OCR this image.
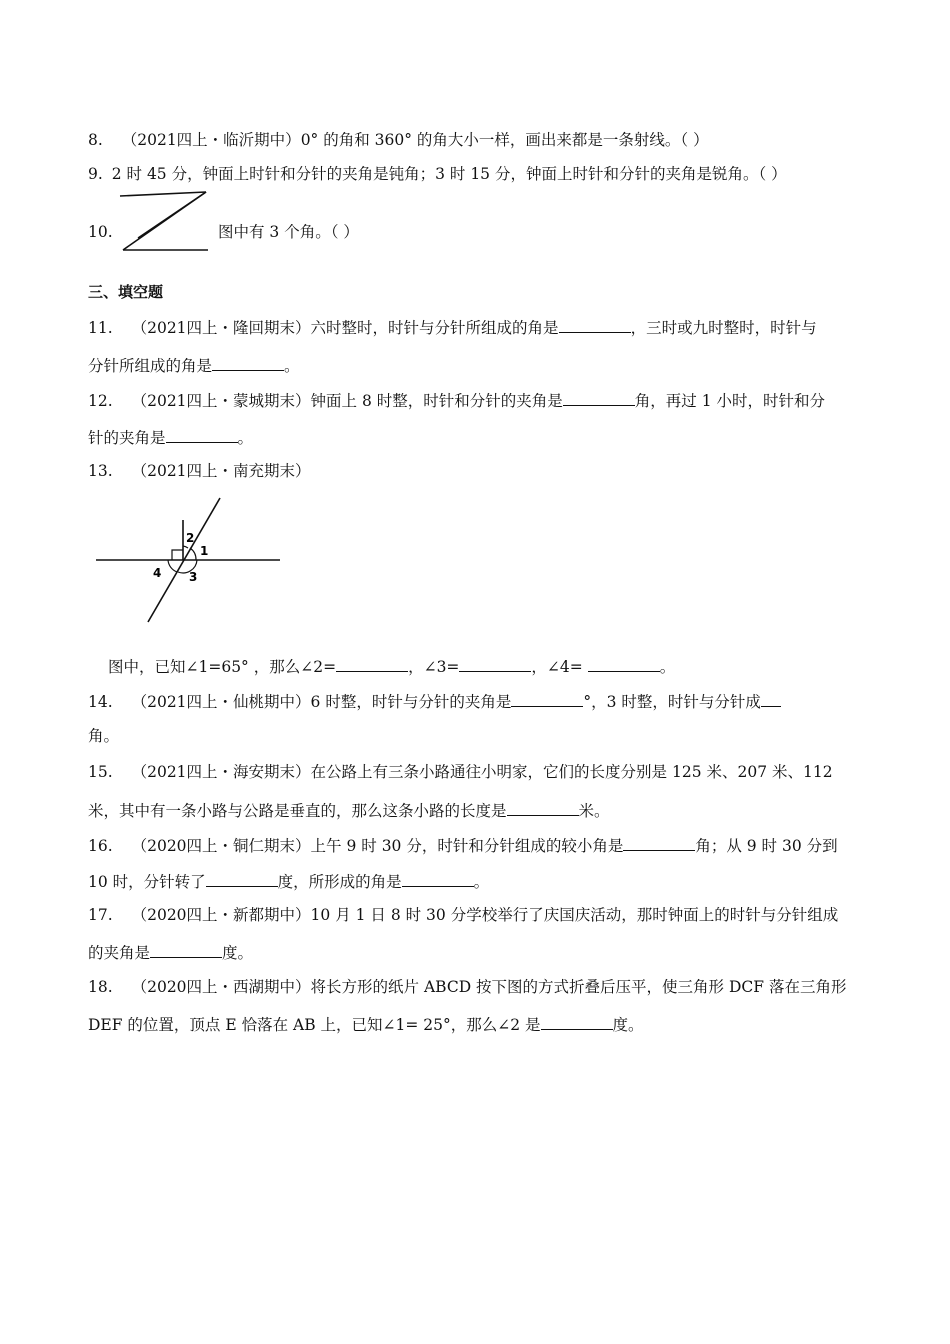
8. （2021四上・临沂期中）0° 的角和 360° 的角大小一样，画出来都是一条射线。（ ）
9. 2 时 45 分，钟面上时针和分针的夹角是钝角；3 时 15 分，钟面上时针和分针的夹角是锐角。（ ）
10.	图中有 3 个角。（ ）
三、填空题
11. （2021四上・隆回期末）六时整时，时针与分针所组成的角是	，三时或九时整时，时针与
分针所组成的角是	。
12. （2021四上・蒙城期末）钟面上 8 时整，时针和分针的夹角是	角，再过 1 小时，时针和分
针的夹角是	。
13. （2021四上・南充期末）
2
1
4 3
图中，已知∠1=65° ，那么∠2=	，∠3=	，∠4=	。
14. （2021四上・仙桃期中）6 时整，时针与分针的夹角是	°，3 时整，时针与分针成
角。
15. （2021四上・海安期末）在公路上有三条小路通往小明家，它们的长度分别是 125 米、207 米、112
米，其中有一条小路与公路是垂直的，那么这条小路的长度是	米。
16. （2020四上・铜仁期末）上午 9 时 30 分，时针和分针组成的较小角是	角；从 9 时 30 分到
10 时，分针转了	度，所形成的角是	。
17. （2020四上・新都期中）10 月 1 日 8 时 30 分学校举行了庆国庆活动，那时钟面上的时针与分针组成
的夹角是	度。
18. （2020四上・西湖期中）将长方形的纸片 ABCD 按下图的方式折叠后压平，使三角形 DCF 落在三角形
DEF 的位置，顶点 E 恰落在 AB 上，已知∠1= 25°，那么∠2 是	度。
